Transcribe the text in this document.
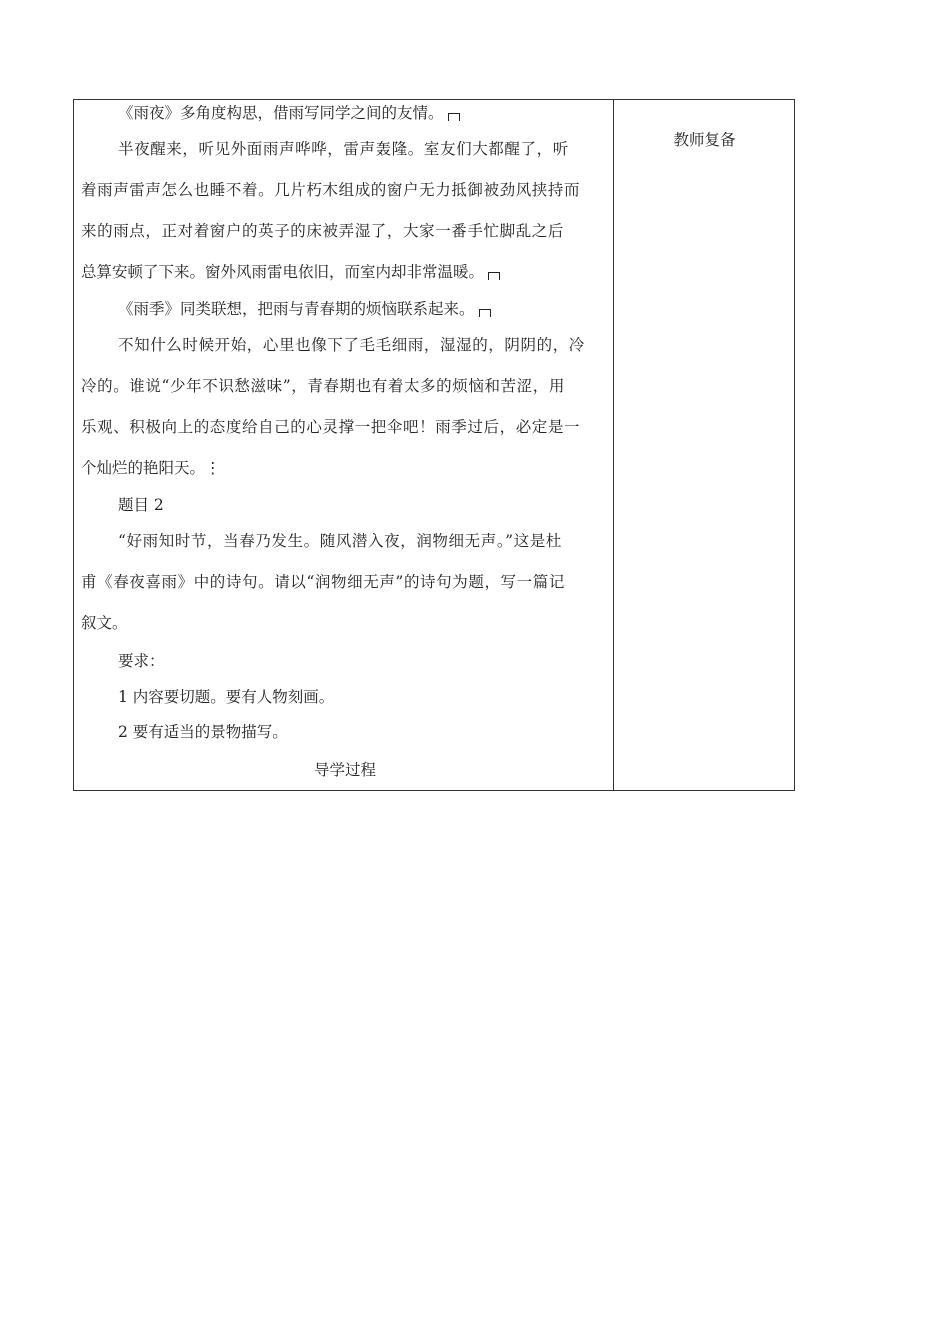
《雨夜》多角度构思，借雨写同学之间的友情。
半夜醒来，听见外面雨声哗哗，雷声轰隆。室友们大都醒了，听
着雨声雷声怎么也睡不着。几片朽木组成的窗户无力抵御被劲风挟持而
来的雨点，正对着窗户的英子的床被弄湿了，大家一番手忙脚乱之后
总算安顿了下来。窗外风雨雷电依旧，而室内却非常温暖。
《雨季》同类联想，把雨与青春期的烦恼联系起来。
不知什么时候开始，心里也像下了毛毛细雨，湿湿的，阴阴的，冷
冷的。谁说“少年不识愁滋味”，青春期也有着太多的烦恼和苦涩，用
乐观、积极向上的态度给自己的心灵撑一把伞吧！雨季过后，必定是一
个灿烂的艳阳天。⋮
题目 2
“好雨知时节，当春乃发生。随风潜入夜，润物细无声。”这是杜
甫《春夜喜雨》中的诗句。请以“润物细无声”的诗句为题，写一篇记
叙文。
要求：
1 内容要切题。要有人物刻画。
2 要有适当的景物描写。
导学过程
教师复备
